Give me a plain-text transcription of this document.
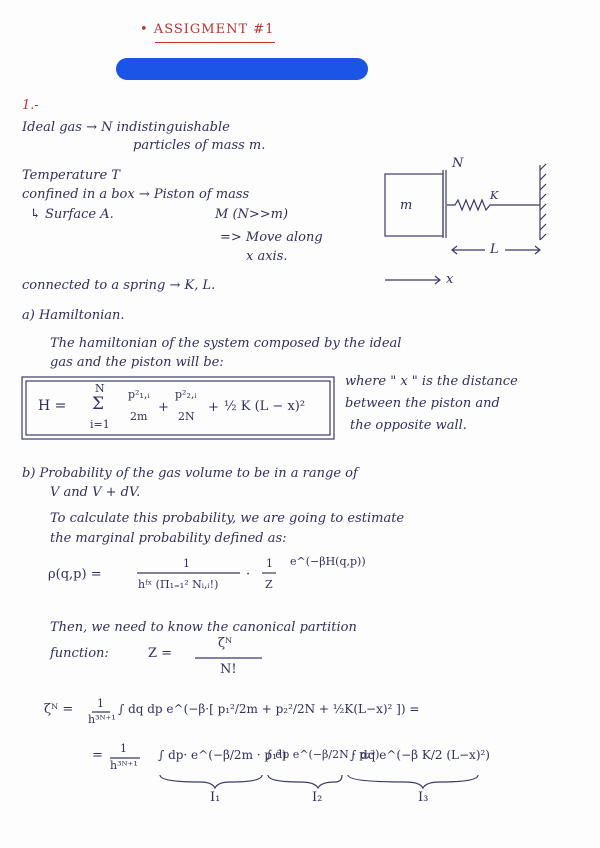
• ASSIGMENT #1
1.-
Ideal gas → N indistinguishable
particles of mass m.
Temperature T
confined in a box → Piston of mass
M (N>>m)
↳ Surface A.
=> Move along
x axis.
connected to a spring → K, L.
m
N
K
L
x
a) Hamiltonian.
The hamiltonian of the system composed by the ideal
gas and the piston will be:
H =
N
Σ
i=1
p²₁,ᵢ
2m
+
p²₂,ᵢ
2N
+ ½ K (L − x)²
where " x " is the distance
between the piston and
the opposite wall.
b) Probability of the gas volume to be in a range of
V and V + dV.
To calculate this probability, we are going to estimate
the marginal probability defined as:
ρ(q,p) =
1
hᶠˣ (Π₁₌₁² Nᵢ,ᵢ!)
·
1
Z
e^(−βH(q,p))
Then, we need to know the canonical partition
function:	Z =
ζᴺ
N!
ζᴺ = 1
h³ᴺ⁺¹
∫ dq dp e^(−β·[ p₁²/2m + p₂²/2N + ½K(L−x)² ]) =
= 1
h³ᴺ⁺¹
∫ dp· e^(−β/2m · p₁²)
∫ dp e^(−β/2N · p₂²)
∫ dq e^(−β K/2 (L−x)²)
I₁	I₂	I₃
